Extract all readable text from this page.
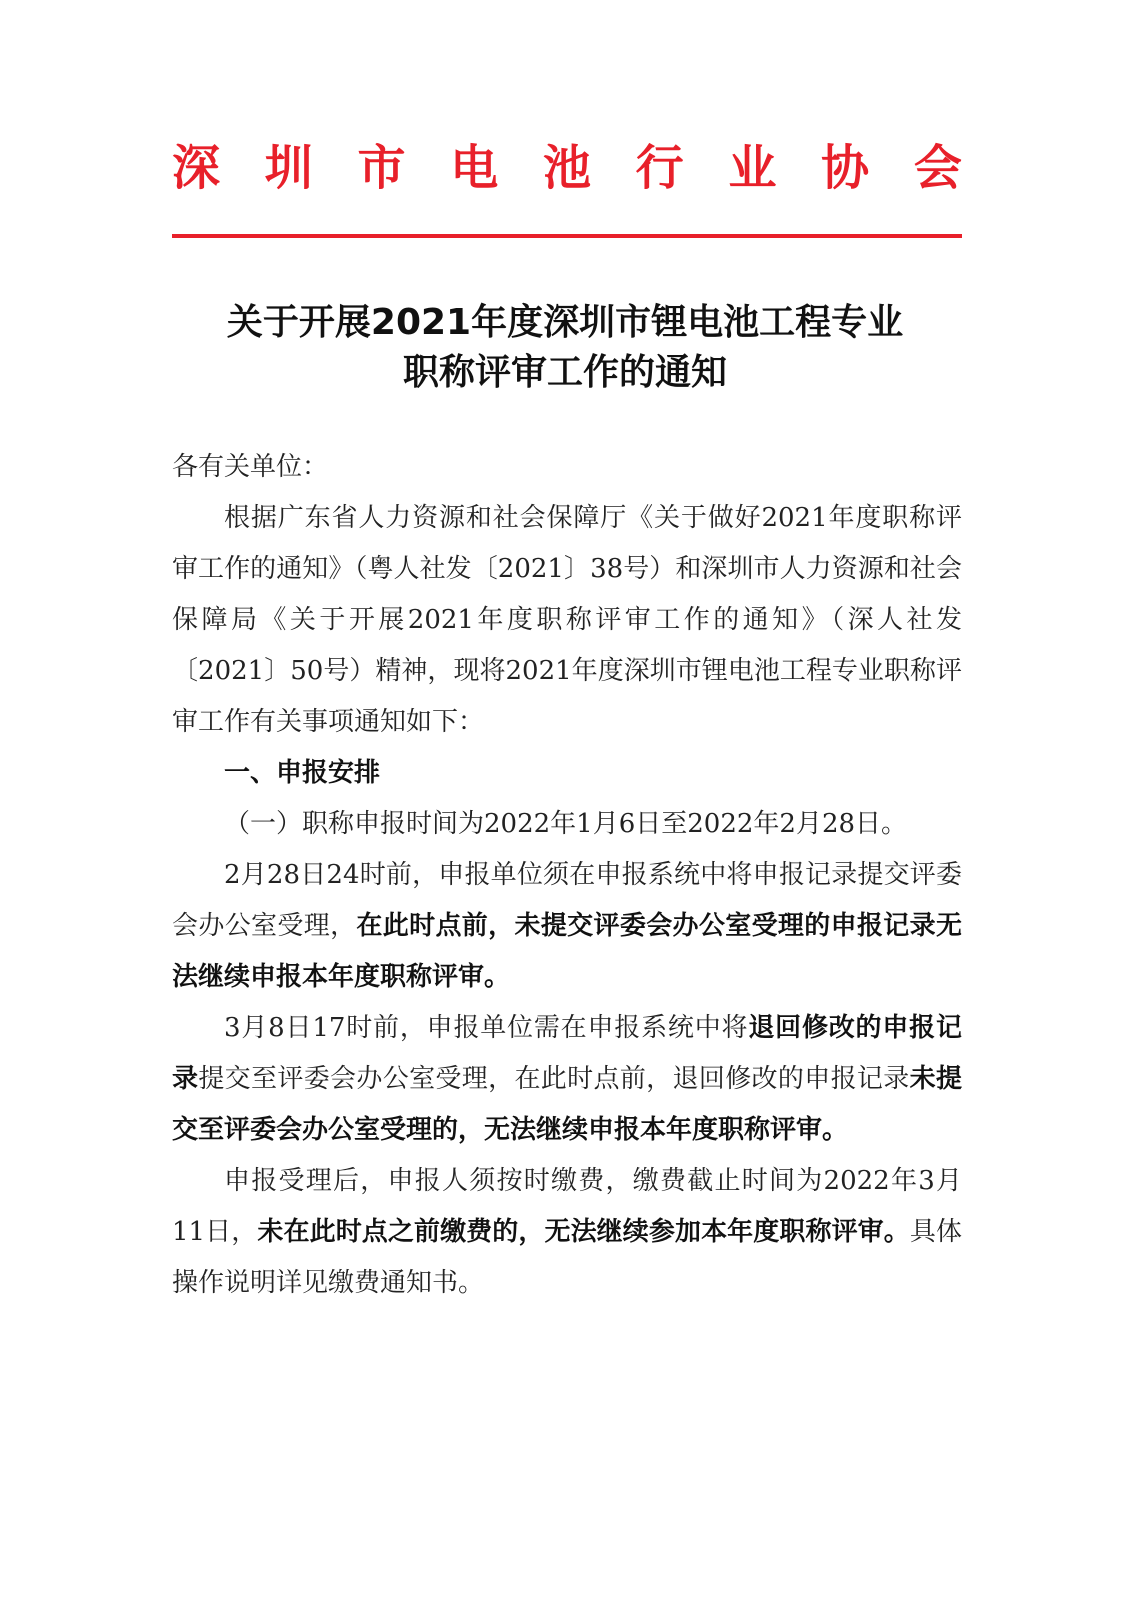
深 圳 市 电 池 行 业 协 会
关于开展2021年度深圳市锂电池工程专业
职称评审工作的通知

各有关单位：

根据广东省人力资源和社会保障厅《关于做好2021年度职称评审工作的通知》（粤人社发〔2021〕38号）和深圳市人力资源和社会保障局《关于开展2021年度职称评审工作的通知》（深人社发〔2021〕50号）精神，现将2021年度深圳市锂电池工程专业职称评审工作有关事项通知如下：

一、申报安排

（一）职称申报时间为2022年1月6日至2022年2月28日。

2月28日24时前，申报单位须在申报系统中将申报记录提交评委会办公室受理，在此时点前，未提交评委会办公室受理的申报记录无法继续申报本年度职称评审。

3月8日17时前，申报单位需在申报系统中将退回修改的申报记录提交至评委会办公室受理，在此时点前，退回修改的申报记录未提交至评委会办公室受理的，无法继续申报本年度职称评审。

申报受理后，申报人须按时缴费，缴费截止时间为2022年3月11日，未在此时点之前缴费的，无法继续参加本年度职称评审。具体操作说明详见缴费通知书。
